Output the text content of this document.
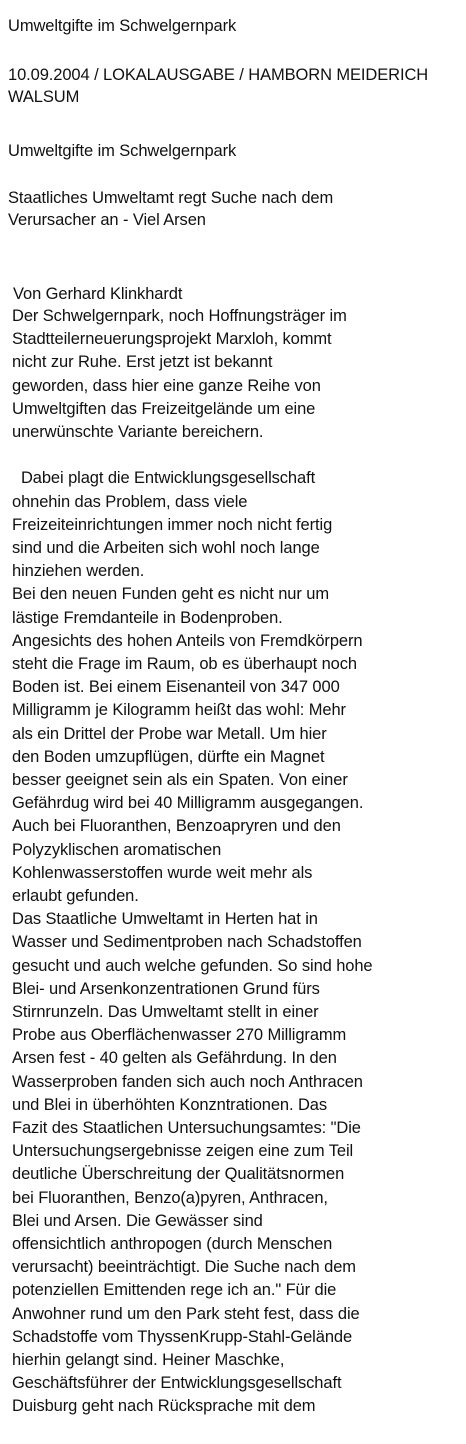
Umweltgifte im Schwelgernpark
10.09.2004 / LOKALAUSGABE / HAMBORN MEIDERICH
WALSUM
Umweltgifte im Schwelgernpark
Staatliches Umweltamt regt Suche nach dem
Verursacher an - Viel Arsen
Von Gerhard Klinkhardt
Der Schwelgernpark, noch Hoffnungsträger im
Stadtteilerneuerungsprojekt Marxloh, kommt
nicht zur Ruhe. Erst jetzt ist bekannt
geworden, dass hier eine ganze Reihe von
Umweltgiften das Freizeitgelände um eine
unerwünschte Variante bereichern.
Dabei plagt die Entwicklungsgesellschaft
ohnehin das Problem, dass viele
Freizeiteinrichtungen immer noch nicht fertig
sind und die Arbeiten sich wohl noch lange
hinziehen werden.
Bei den neuen Funden geht es nicht nur um
lästige Fremdanteile in Bodenproben.
Angesichts des hohen Anteils von Fremdkörpern
steht die Frage im Raum, ob es überhaupt noch
Boden ist. Bei einem Eisenanteil von 347 000
Milligramm je Kilogramm heißt das wohl: Mehr
als ein Drittel der Probe war Metall. Um hier
den Boden umzupflügen, dürfte ein Magnet
besser geeignet sein als ein Spaten. Von einer
Gefährdug wird bei 40 Milligramm ausgegangen.
Auch bei Fluoranthen, Benzoapryren und den
Polyzyklischen aromatischen
Kohlenwasserstoffen wurde weit mehr als
erlaubt gefunden.
Das Staatliche Umweltamt in Herten hat in
Wasser und Sedimentproben nach Schadstoffen
gesucht und auch welche gefunden. So sind hohe
Blei- und Arsenkonzentrationen Grund fürs
Stirnrunzeln. Das Umweltamt stellt in einer
Probe aus Oberflächenwasser 270 Milligramm
Arsen fest - 40 gelten als Gefährdung. In den
Wasserproben fanden sich auch noch Anthracen
und Blei in überhöhten Konzntrationen. Das
Fazit des Staatlichen Untersuchungsamtes: "Die
Untersuchungsergebnisse zeigen eine zum Teil
deutliche Überschreitung der Qualitätsnormen
bei Fluoranthen, Benzo(a)pyren, Anthracen,
Blei und Arsen. Die Gewässer sind
offensichtlich anthropogen (durch Menschen
verursacht) beeinträchtigt. Die Suche nach dem
potenziellen Emittenden rege ich an." Für die
Anwohner rund um den Park steht fest, dass die
Schadstoffe vom ThyssenKrupp-Stahl-Gelände
hierhin gelangt sind. Heiner Maschke,
Geschäftsführer der Entwicklungsgesellschaft
Duisburg geht nach Rücksprache mit dem
